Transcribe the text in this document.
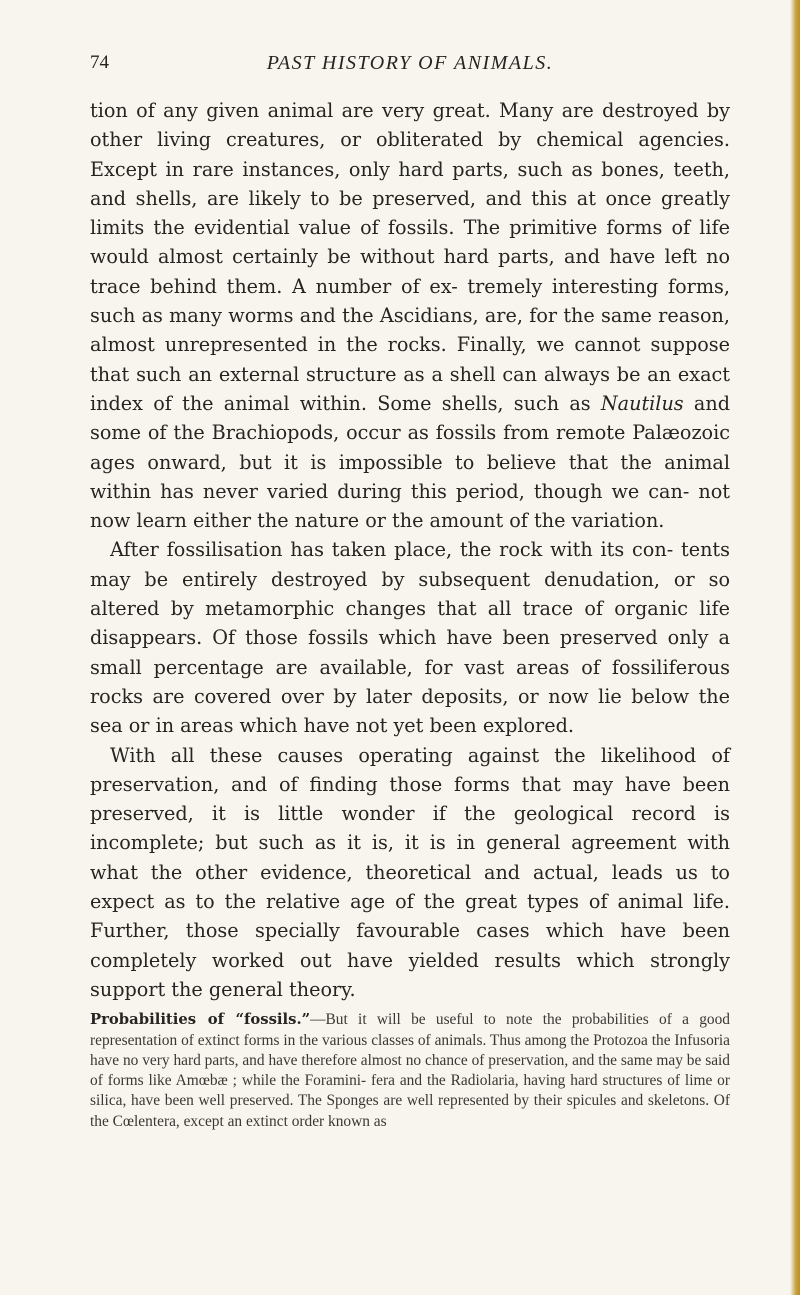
74	PAST HISTORY OF ANIMALS.

tion of any given animal are very great. Many are destroyed by other living creatures, or obliterated by chemical agencies. Except in rare instances, only hard parts, such as bones, teeth, and shells, are likely to be preserved, and this at once greatly limits the evidential value of fossils. The primitive forms of life would almost certainly be without hard parts, and have left no trace behind them. A number of ex- tremely interesting forms, such as many worms and the Ascidians, are, for the same reason, almost unrepresented in the rocks. Finally, we cannot suppose that such an external structure as a shell can always be an exact index of the animal within. Some shells, such as Nautilus and some of the Brachiopods, occur as fossils from remote Palæozoic ages onward, but it is impossible to believe that the animal within has never varied during this period, though we can- not now learn either the nature or the amount of the variation.

After fossilisation has taken place, the rock with its con- tents may be entirely destroyed by subsequent denudation, or so altered by metamorphic changes that all trace of organic life disappears. Of those fossils which have been preserved only a small percentage are available, for vast areas of fossiliferous rocks are covered over by later deposits, or now lie below the sea or in areas which have not yet been explored.

With all these causes operating against the likelihood of preservation, and of finding those forms that may have been preserved, it is little wonder if the geological record is incomplete; but such as it is, it is in general agreement with what the other evidence, theoretical and actual, leads us to expect as to the relative age of the great types of animal life. Further, those specially favourable cases which have been completely worked out have yielded results which strongly support the general theory.

Probabilities of “fossils.”—But it will be useful to note the probabilities of a good representation of extinct forms in the various classes of animals. Thus among the Protozoa the Infusoria have no very hard parts, and have therefore almost no chance of preservation, and the same may be said of forms like Amœbæ ; while the Foramini- fera and the Radiolaria, having hard structures of lime or silica, have been well preserved. The Sponges are well represented by their spicules and skeletons. Of the Cœlentera, except an extinct order known as
